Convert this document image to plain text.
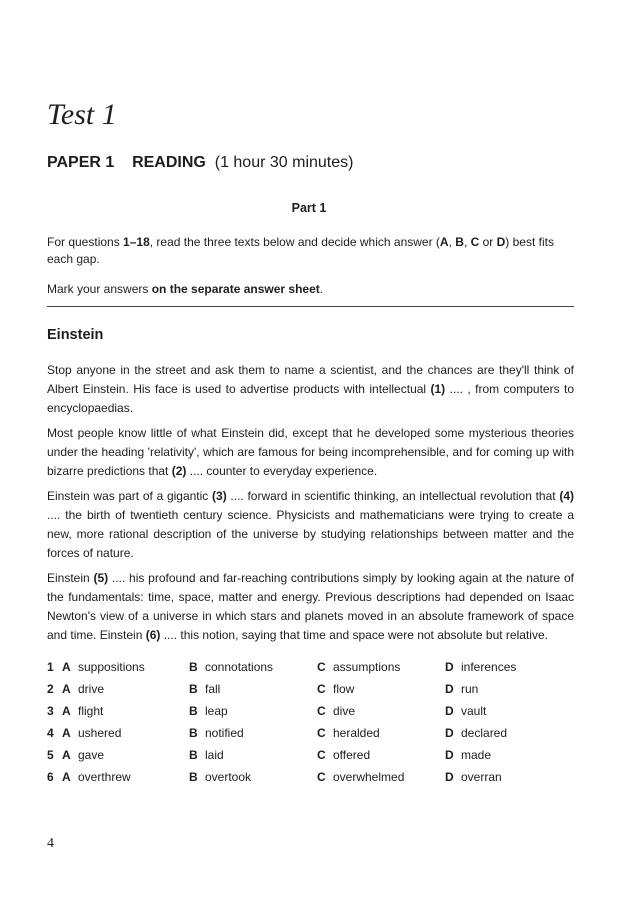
Test 1
PAPER 1 READING (1 hour 30 minutes)
Part 1

For questions 1–18, read the three texts below and decide which answer (A, B, C or D) best fits each gap.

Mark your answers on the separate answer sheet.

Einstein

Stop anyone in the street and ask them to name a scientist, and the chances are they'll think of Albert Einstein. His face is used to advertise products with intellectual (1) .... , from computers to encyclopaedias.

Most people know little of what Einstein did, except that he developed some mysterious theories under the heading 'relativity', which are famous for being incomprehensible, and for coming up with bizarre predictions that (2) .... counter to everyday experience.

Einstein was part of a gigantic (3) .... forward in scientific thinking, an intellectual revolution that (4) .... the birth of twentieth century science. Physicists and mathematicians were trying to create a new, more rational description of the universe by studying relationships between matter and the forces of nature.

Einstein (5) .... his profound and far-reaching contributions simply by looking again at the nature of the fundamentals: time, space, matter and energy. Previous descriptions had depended on Isaac Newton's view of a universe in which stars and planets moved in an absolute framework of space and time. Einstein (6) .... this notion, saying that time and space were not absolute but relative.

1 A suppositions	B connotations	C assumptions	D inferences
2 A drive	B fall	C flow	D run
3 A flight	B leap	C dive	D vault
4 A ushered	B notified	C heralded	D declared
5 A gave	B laid	C offered	D made
6 A overthrew	B overtook	C overwhelmed	D overran
4
